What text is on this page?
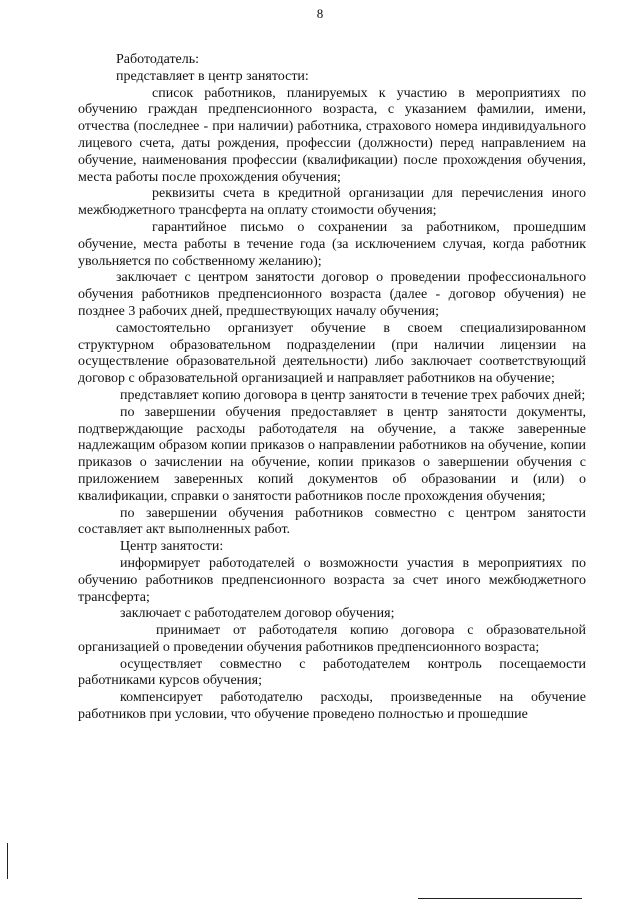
8

Работодатель:

представляет в центр занятости:

список работников, планируемых к участию в мероприятиях по обучению граждан предпенсионного возраста, с указанием фамилии, имени, отчества (последнее - при наличии) работника, страхового номера индивидуального лицевого счета, даты рождения, профессии (должности) перед направлением на обучение, наименования профессии (квалификации) после прохождения обучения, места работы после прохождения обучения;

реквизиты счета в кредитной организации для перечисления иного межбюджетного трансферта на оплату стоимости обучения;

гарантийное письмо о сохранении за работником, прошедшим обучение, места работы в течение года (за исключением случая, когда работник увольняется по собственному желанию);

заключает с центром занятости договор о проведении профессионального обучения работников предпенсионного возраста (далее - договор обучения) не позднее 3 рабочих дней, предшествующих началу обучения;

самостоятельно организует обучение в своем специализированном структурном образовательном подразделении (при наличии лицензии на осуществление образовательной деятельности) либо заключает соответствующий договор с образовательной организацией и направляет работников на обучение;

представляет копию договора в центр занятости в течение трех рабочих дней;

по завершении обучения предоставляет в центр занятости документы, подтверждающие расходы работодателя на обучение, а также заверенные надлежащим образом копии приказов о направлении работников на обучение, копии приказов о зачислении на обучение, копии приказов о завершении обучения с приложением заверенных копий документов об образовании и (или) о квалификации, справки о занятости работников после прохождения обучения;

по завершении обучения работников совместно с центром занятости составляет акт выполненных работ.

Центр занятости:

информирует работодателей о возможности участия в мероприятиях по обучению работников предпенсионного возраста за счет иного межбюджетного трансферта;

заключает с работодателем договор обучения;

принимает от работодателя копию договора с образовательной организацией о проведении обучения работников предпенсионного возраста;

осуществляет совместно с работодателем контроль посещаемости работниками курсов обучения;

компенсирует работодателю расходы, произведенные на обучение работников при условии, что обучение проведено полностью и прошедшие
